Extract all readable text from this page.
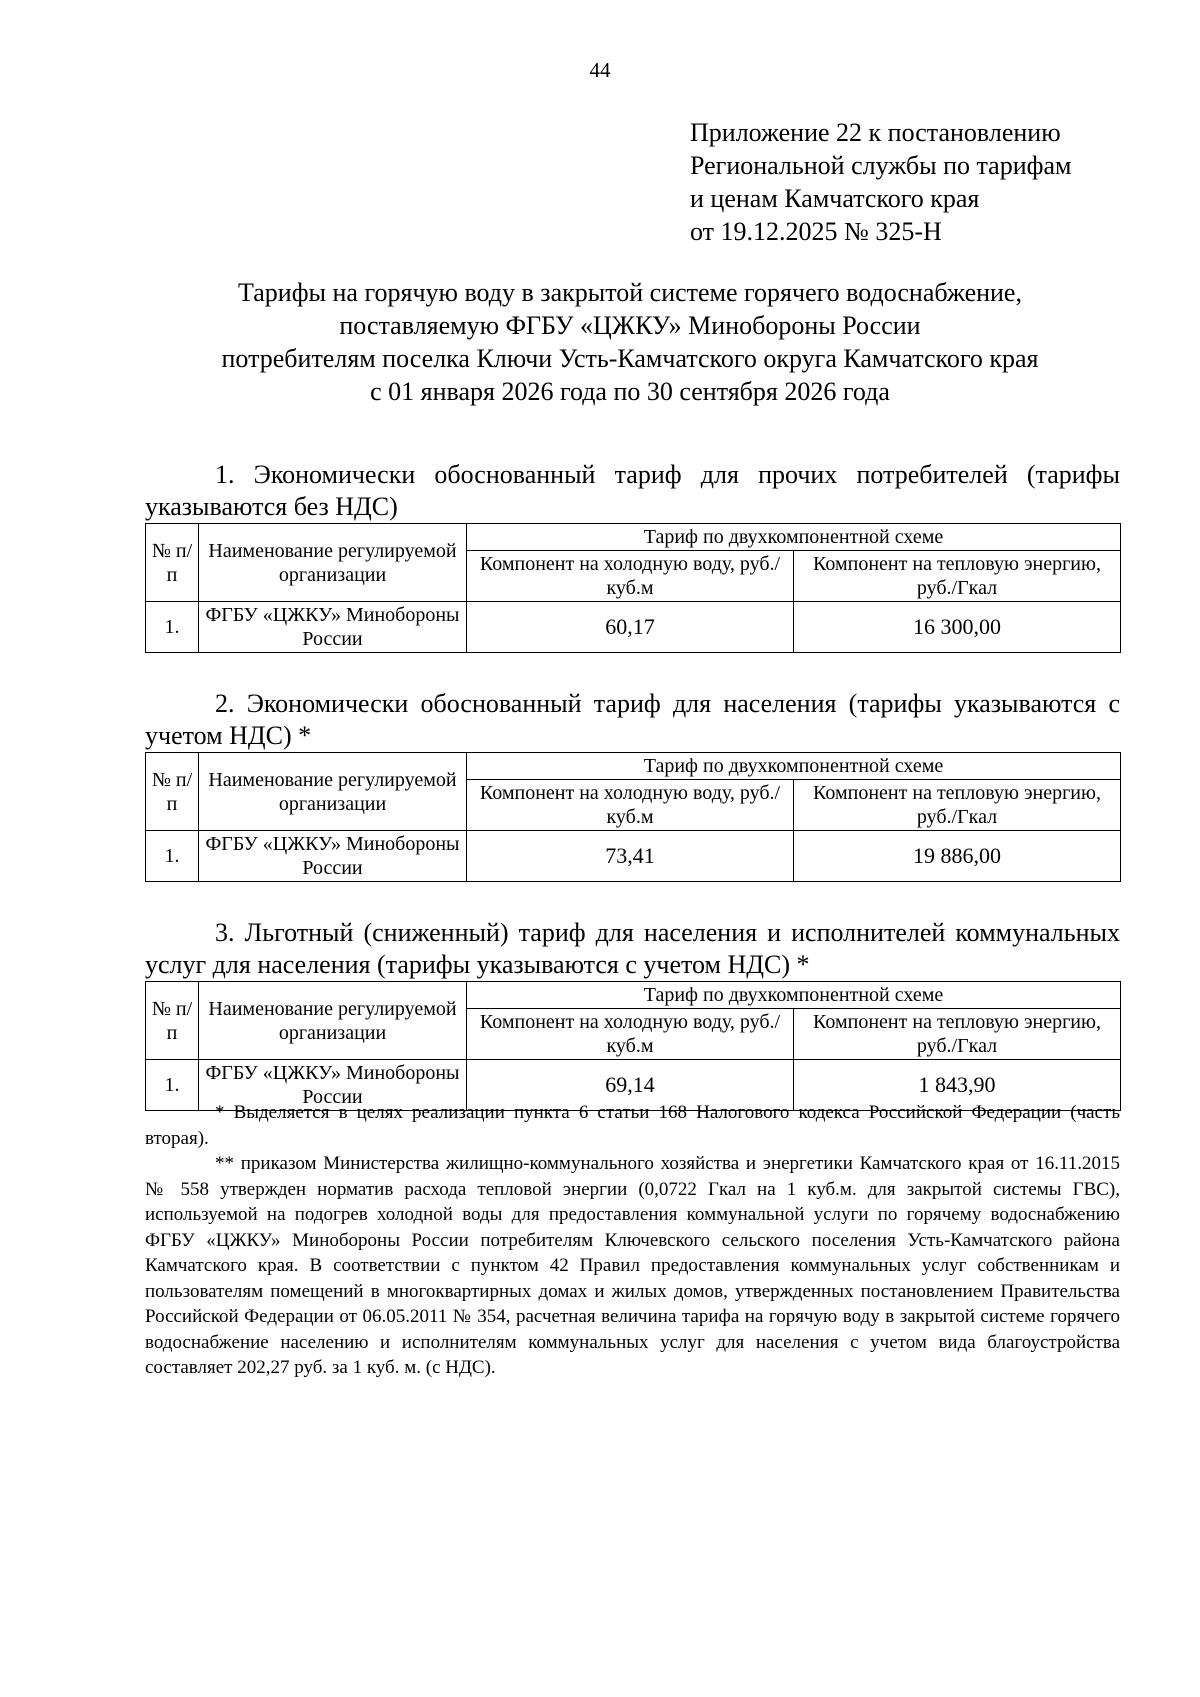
44
Приложение 22 к постановлению
Региональной службы по тарифам
и ценам Камчатского края
от 19.12.2025 № 325-Н
Тарифы на горячую воду в закрытой системе горячего водоснабжение,
поставляемую ФГБУ «ЦЖКУ» Минобороны России
потребителям поселка Ключи Усть-Камчатского округа Камчатского края
с 01 января 2026 года по 30 сентября 2026 года
1. Экономически обоснованный тариф для прочих потребителей (тарифы указываются без НДС)
№ п/п	Наименование регулируемой организации	Тариф по двухкомпонентной схеме	
		Компонент на холодную воду, руб./куб.м	Компонент на тепловую энергию, руб./Гкал
1.	ФГБУ «ЦЖКУ» Минобороны России	60,17	16 300,00
2. Экономически обоснованный тариф для населения (тарифы указываются с учетом НДС) *
№ п/п	Наименование регулируемой организации	Тариф по двухкомпонентной схеме	
		Компонент на холодную воду, руб./куб.м	Компонент на тепловую энергию, руб./Гкал
1.	ФГБУ «ЦЖКУ» Минобороны России	73,41	19 886,00
3. Льготный (сниженный) тариф для населения и исполнителей коммунальных услуг для населения (тарифы указываются с учетом НДС) *
№ п/п	Наименование регулируемой организации	Тариф по двухкомпонентной схеме	
		Компонент на холодную воду, руб./куб.м	Компонент на тепловую энергию, руб./Гкал
1.	ФГБУ «ЦЖКУ» Минобороны России	69,14	1 843,90

* Выделяется в целях реализации пункта 6 статьи 168 Налогового кодекса Российской Федерации (часть вторая).

** приказом Министерства жилищно-коммунального хозяйства и энергетики Камчатского края от 16.11.2015 № 558 утвержден норматив расхода тепловой энергии (0,0722 Гкал на 1 куб.м. для закрытой системы ГВС), используемой на подогрев холодной воды для предоставления коммунальной услуги по горячему водоснабжению ФГБУ «ЦЖКУ» Минобороны России потребителям Ключевского сельского поселения Усть-Камчатского района Камчатского края. В соответствии с пунктом 42 Правил предоставления коммунальных услуг собственникам и пользователям помещений в многоквартирных домах и жилых домов, утвержденных постановлением Правительства Российской Федерации от 06.05.2011 № 354, расчетная величина тарифа на горячую воду в закрытой системе горячего водоснабжение населению и исполнителям коммунальных услуг для населения с учетом вида благоустройства составляет 202,27 руб. за 1 куб. м. (с НДС).
